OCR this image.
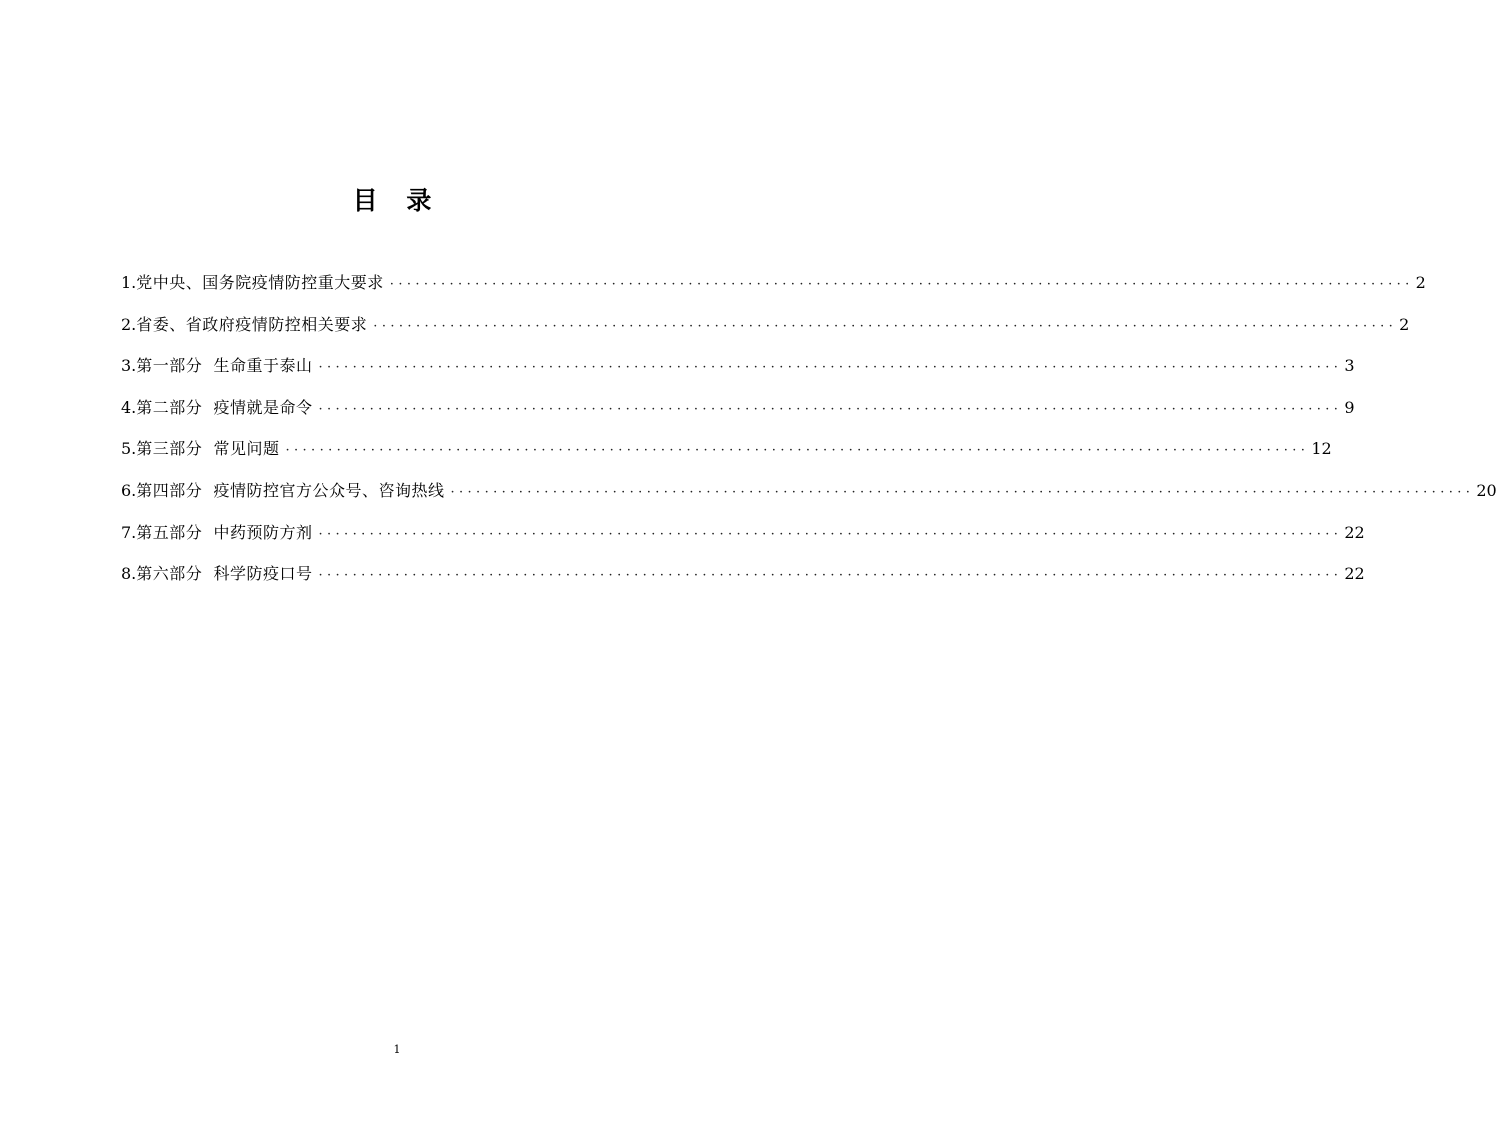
目 录
1. 党中央、国务院疫情防控重大要求 ························································································································ 2
2. 省委、省政府疫情防控相关要求 ························································································································ 2
3. 第一部分  生命重于泰山 ························································································································ 3
4. 第二部分  疫情就是命令 ························································································································ 9
5. 第三部分  常见问题 ························································································································ 12
6. 第四部分  疫情防控官方公众号、咨询热线 ························································································································ 20
7. 第五部分  中药预防方剂 ························································································································ 22
8. 第六部分  科学防疫口号 ························································································································ 22
1
